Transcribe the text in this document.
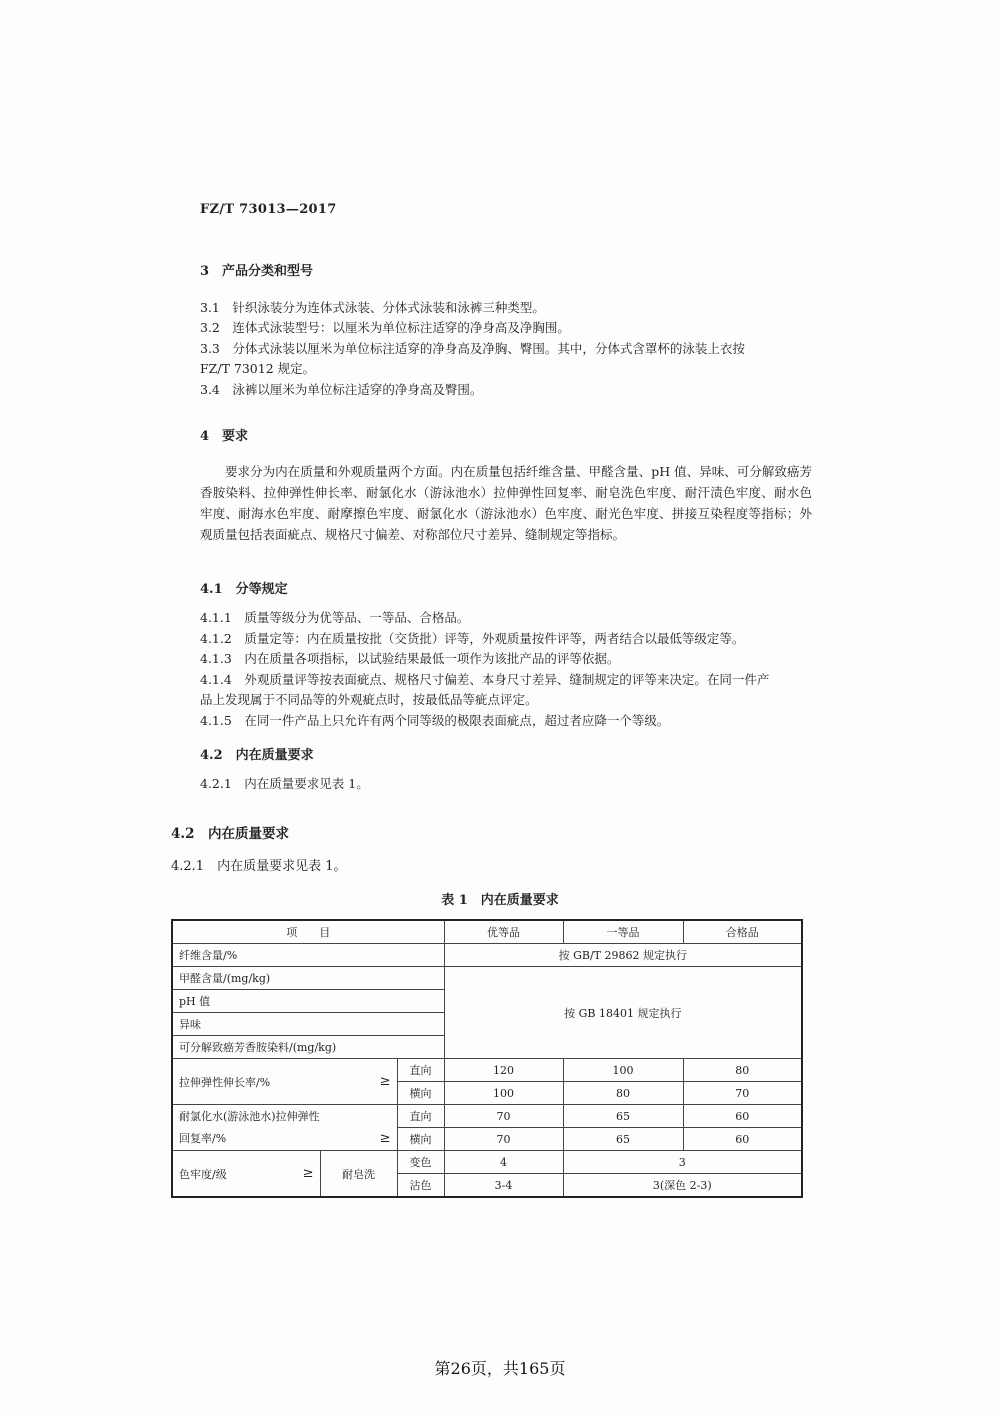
FZ/T 73013—2017
3　产品分类和型号
3.1　 针织泳装分为连体式泳装、分体式泳装和泳裤三种类型。
3.2　 连体式泳装型号：以厘米为单位标注适穿的净身高及净胸围。
3.3　 分体式泳装以厘米为单位标注适穿的净身高及净胸、臀围。其中，分体式含罩杯的泳装上衣按
FZ/T 73012 规定。
3.4　 泳裤以厘米为单位标注适穿的净身高及臀围。
4　要求
要求分为内在质量和外观质量两个方面。内在质量包括纤维含量、甲醛含量、pH 值、异味、可分解致癌芳香胺染料、拉伸弹性伸长率、耐氯化水（游泳池水）拉伸弹性回复率、耐皂洗色牢度、耐汗渍色牢度、耐水色牢度、耐海水色牢度、耐摩擦色牢度、耐氯化水（游泳池水）色牢度、耐光色牢度、拼接互染程度等指标；外观质量包括表面疵点、规格尺寸偏差、对称部位尺寸差异、缝制规定等指标。
4.1　分等规定
4.1.1　 质量等级分为优等品、一等品、合格品。
4.1.2　 质量定等：内在质量按批（交货批）评等，外观质量按件评等，两者结合以最低等级定等。
4.1.3　 内在质量各项指标，以试验结果最低一项作为该批产品的评等依据。
4.1.4　 外观质量评等按表面疵点、规格尺寸偏差、本身尺寸差异、缝制规定的评等来决定。在同一件产
品上发现属于不同品等的外观疵点时，按最低品等疵点评定。
4.1.5　 在同一件产品上只允许有两个同等级的极限表面疵点，超过者应降一个等级。
4.2　内在质量要求
4.2.1　内在质量要求见表 1。
4.2　内在质量要求
4.2.1　内在质量要求见表 1。
表 1　内在质量要求
项　　目			优等品	一等品	合格品
纤维含量/%			按 GB/T 29862 规定执行		
甲醛含量/(mg/kg)			按 GB 18401 规定执行		
pH 值					
异味					
可分解致癌芳香胺染料/(mg/kg)					
拉伸弹性伸长率/% ≥		直向	120	100	80
		横向	100	80	70

耐氯化水(游泳池水)拉伸弹性
回复率/% ≥		直向	70	65	60
		横向	70	65	60
色牢度/级 ≥	耐皂洗	变色	4	3	
		沾色	3-4	3(深色 2-3)	
第26页，共165页
